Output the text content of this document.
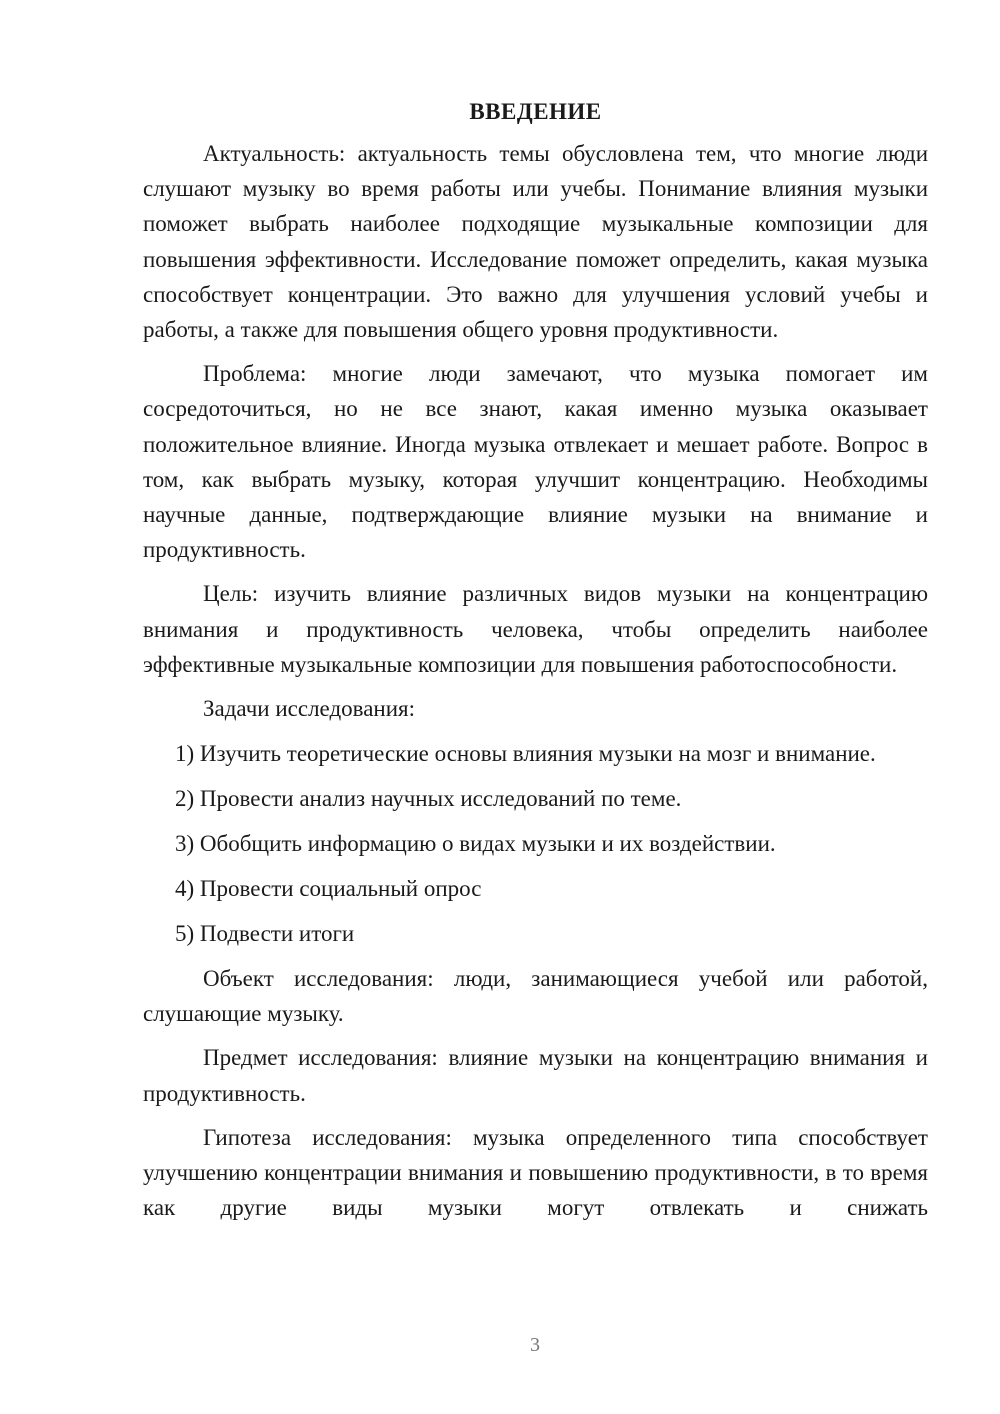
ВВЕДЕНИЕ

Актуальность: актуальность темы обусловлена тем, что многие люди слушают музыку во время работы или учебы. Понимание влияния музыки поможет выбрать наиболее подходящие музыкальные композиции для повышения эффективности. Исследование поможет определить, какая музыка способствует концентрации. Это важно для улучшения условий учебы и работы, а также для повышения общего уровня продуктивности.

Проблема: многие люди замечают, что музыка помогает им сосредоточиться, но не все знают, какая именно музыка оказывает положительное влияние. Иногда музыка отвлекает и мешает работе. Вопрос в том, как выбрать музыку, которая улучшит концентрацию. Необходимы научные данные, подтверждающие влияние музыки на внимание и продуктивность.

Цель: изучить влияние различных видов музыки на концентрацию внимания и продуктивность человека, чтобы определить наиболее эффективные музыкальные композиции для повышения работоспособности.

Задачи исследования:
1) Изучить теоретические основы влияния музыки на мозг и внимание.
2) Провести анализ научных исследований по теме.
3) Обобщить информацию о видах музыки и их воздействии.
4) Провести социальный опрос
5) Подвести итоги

Объект исследования: люди, занимающиеся учебой или работой, слушающие музыку.

Предмет исследования: влияние музыки на концентрацию внимания и продуктивность.

Гипотеза исследования: музыка определенного типа способствует улучшению концентрации внимания и повышению продуктивности, в то время как другие виды музыки могут отвлекать и снижать

3
